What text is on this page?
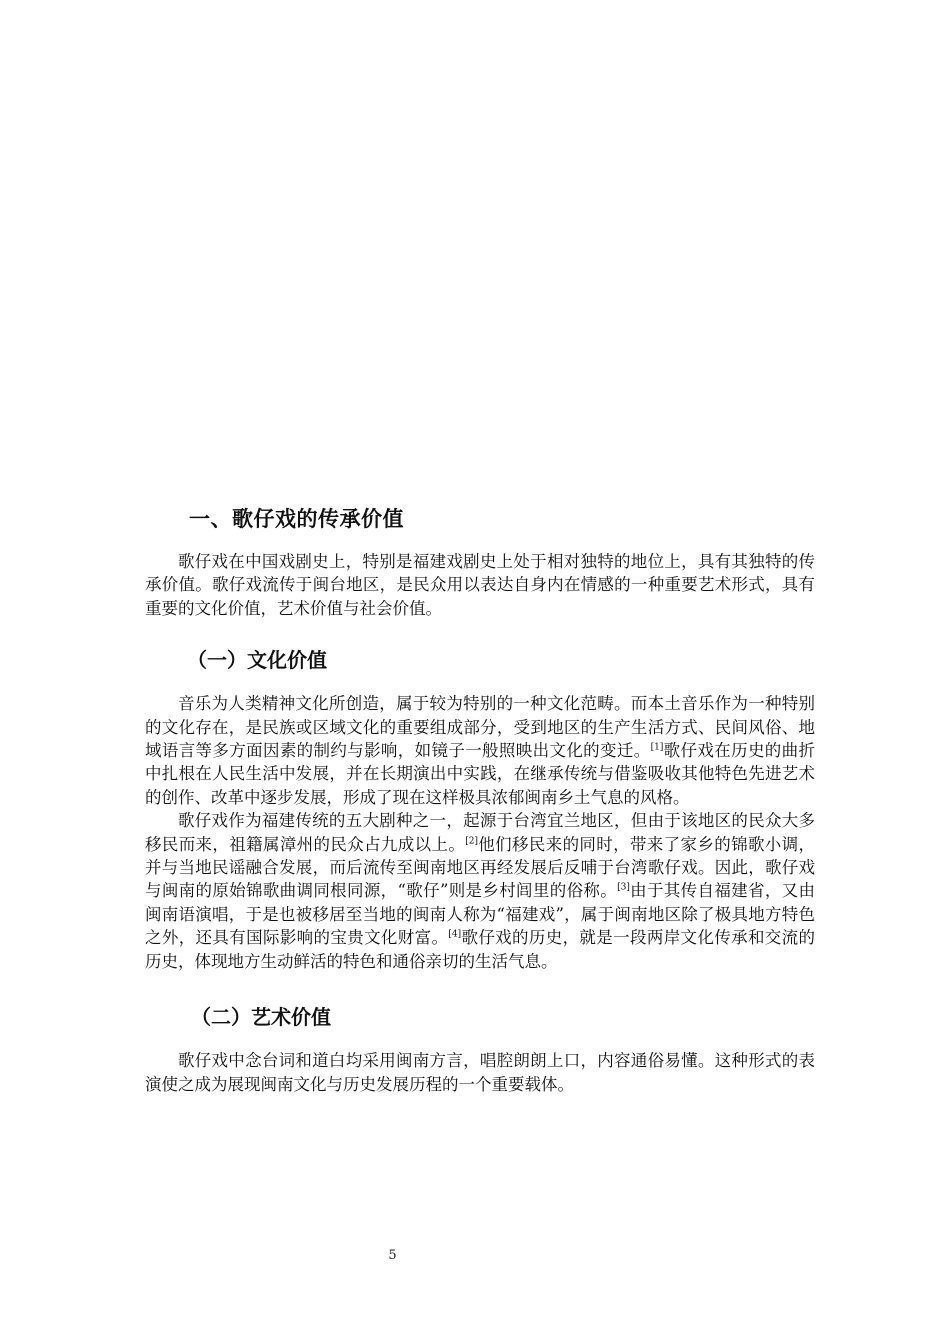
一、歌仔戏的传承价值

歌仔戏在中国戏剧史上，特别是福建戏剧史上处于相对独特的地位上，具有其独特的传承价值。歌仔戏流传于闽台地区，是民众用以表达自身内在情感的一种重要艺术形式，具有重要的文化价值，艺术价值与社会价值。

（一）文化价值

音乐为人类精神文化所创造，属于较为特别的一种文化范畴。而本土音乐作为一种特别的文化存在，是民族或区域文化的重要组成部分，受到地区的生产生活方式、民间风俗、地域语言等多方面因素的制约与影响，如镜子一般照映出文化的变迁。[1]歌仔戏在历史的曲折中扎根在人民生活中发展，并在长期演出中实践，在继承传统与借鉴吸收其他特色先进艺术的创作、改革中逐步发展，形成了现在这样极具浓郁闽南乡土气息的风格。

歌仔戏作为福建传统的五大剧种之一，起源于台湾宜兰地区，但由于该地区的民众大多移民而来，祖籍属漳州的民众占九成以上。[2]他们移民来的同时，带来了家乡的锦歌小调，并与当地民谣融合发展，而后流传至闽南地区再经发展后反哺于台湾歌仔戏。因此，歌仔戏与闽南的原始锦歌曲调同根同源，“歌仔”则是乡村闾里的俗称。[3]由于其传自福建省，又由闽南语演唱，于是也被移居至当地的闽南人称为“福建戏”，属于闽南地区除了极具地方特色之外，还具有国际影响的宝贵文化财富。[4]歌仔戏的历史，就是一段两岸文化传承和交流的历史，体现地方生动鲜活的特色和通俗亲切的生活气息。

（二）艺术价值

歌仔戏中念台词和道白均采用闽南方言，唱腔朗朗上口，内容通俗易懂。这种形式的表演使之成为展现闽南文化与历史发展历程的一个重要载体。

5
